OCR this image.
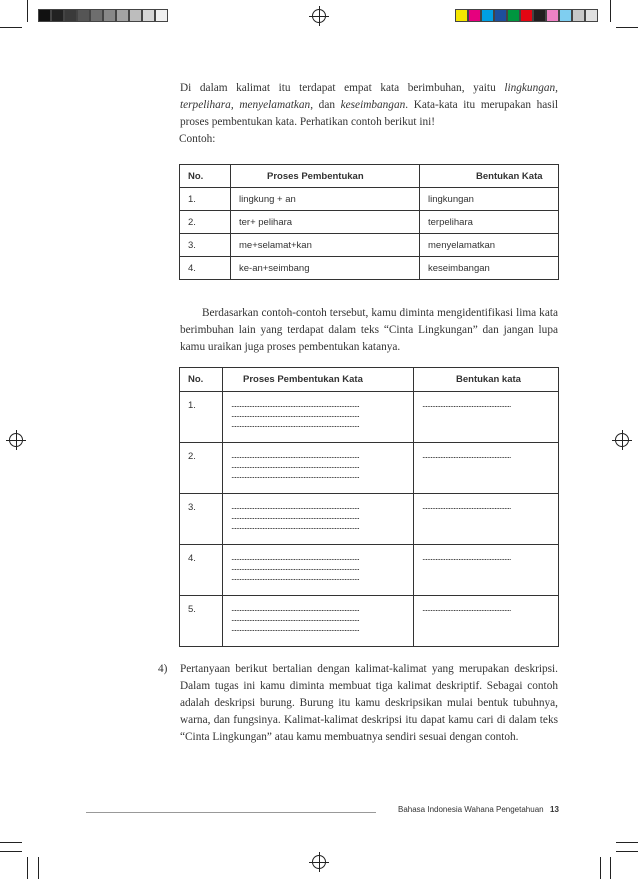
Di dalam kalimat itu terdapat empat kata berimbuhan, yaitu lingkungan, terpelihara, menyelamatkan, dan keseimbangan. Kata-kata itu merupakan hasil proses pembentukan kata. Perhatikan contoh berikut ini!
Contoh:
No.	Proses Pembentukan	Bentukan Kata
1.	lingkung + an	lingkungan
2.	ter+ pelihara	terpelihara
3.	me+selamat+kan	menyelamatkan
4.	ke-an+seimbang	keseimbangan
Berdasarkan contoh-contoh tersebut, kamu diminta mengidentifikasi lima kata berimbuhan lain yang terdapat dalam teks “Cinta Lingkungan” dan jangan lupa kamu uraikan juga proses pembentukan katanya.
No.	Proses Pembentukan Kata	Bentukan kata
1.	..............................................................................
..............................................................................
..............................................................................	......................................................

2.	..............................................................................
..............................................................................
..............................................................................	......................................................

3.	..............................................................................
..............................................................................
..............................................................................	......................................................

4.	..............................................................................
..............................................................................
..............................................................................	......................................................

5.	..............................................................................
..............................................................................
..............................................................................	......................................................
4) Pertanyaan berikut bertalian dengan kalimat-kalimat yang merupakan deskripsi. Dalam tugas ini kamu diminta membuat tiga kalimat deskriptif. Sebagai contoh adalah deskripsi burung. Burung itu kamu deskripsikan mulai bentuk tubuhnya, warna, dan fungsinya. Kalimat-kalimat deskripsi itu dapat kamu cari di dalam teks “Cinta Lingkungan” atau kamu membuatnya sendiri sesuai dengan contoh.
Bahasa Indonesia Wahana Pengetahuan 13
